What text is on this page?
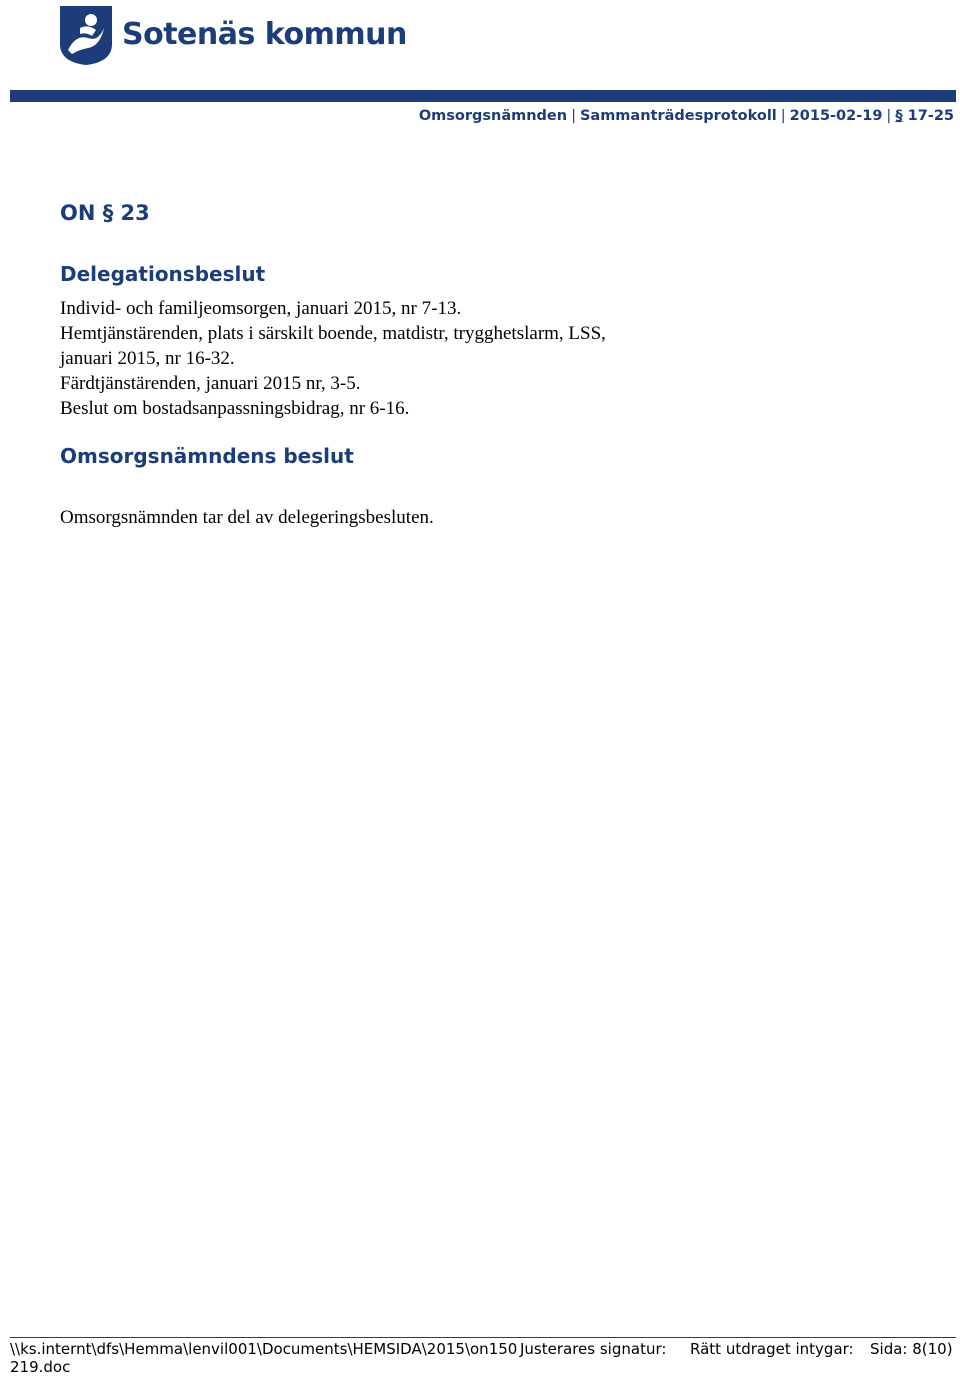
Sotenäs kommun
Omsorgsnämnden | Sammanträdesprotokoll | 2015-02-19 | § 17-25
ON § 23
Delegationsbeslut

Individ- och familjeomsorgen, januari 2015, nr 7-13.

Hemtjänstärenden, plats i särskilt boende, matdistr, trygghetslarm, LSS,

januari 2015, nr 16-32.

Färdtjänstärenden, januari 2015 nr, 3-5.

Beslut om bostadsanpassningsbidrag, nr 6-16.

Omsorgsnämndens beslut

Omsorgsnämnden tar del av delegeringsbesluten.

\\ks.internt\dfs\Hemma\lenvil001\Documents\HEMSIDA\2015\on150
219.doc
Justerares signatur: Rätt utdraget intygar: Sida: 8(10)
